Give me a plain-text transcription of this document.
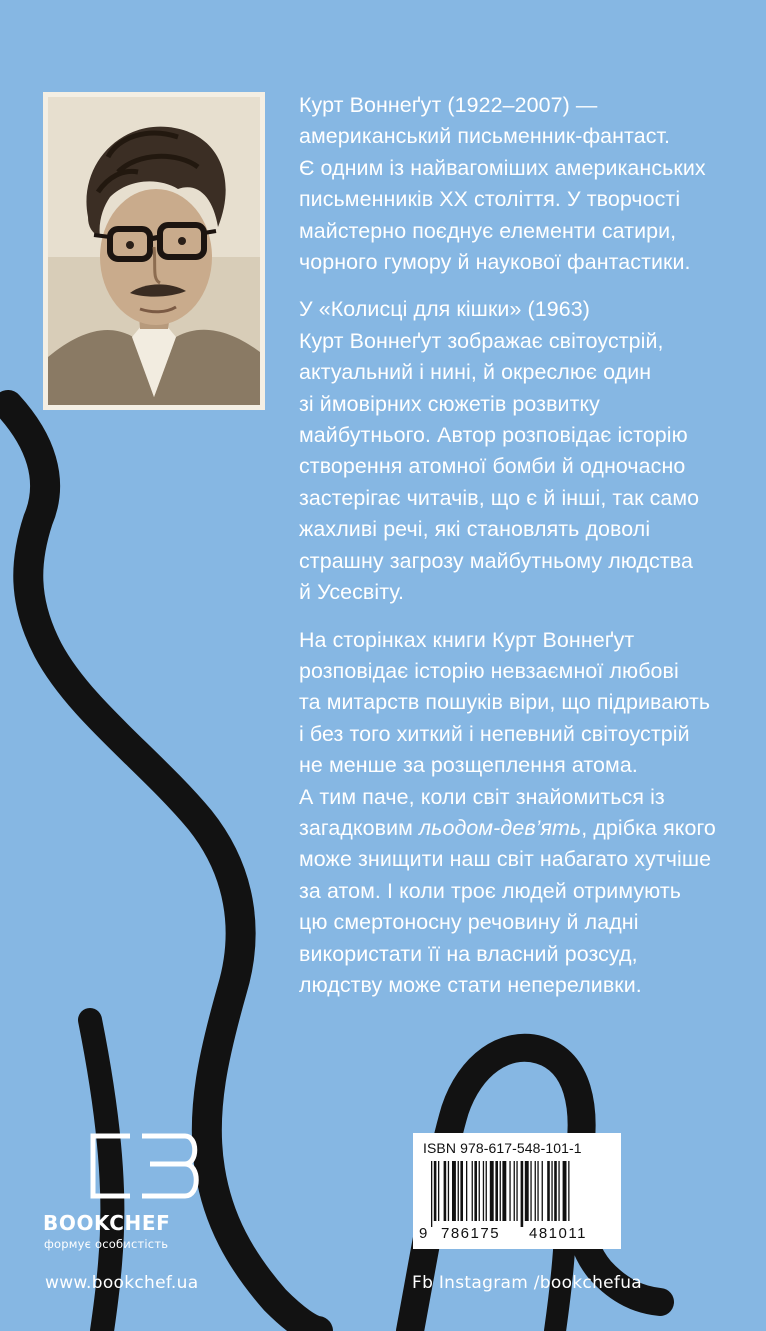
Курт Воннеґут (1922–2007) —
американський письменник-фантаст.
Є одним із найвагоміших американських
письменників XX століття. У творчості
майстерно поєднує елементи сатири,
чорного гумору й наукової фантастики.

У «Колисці для кішки» (1963)
Курт Воннеґут зображає світоустрій,
актуальний і нині, й окреслює один
зі ймовірних сюжетів розвитку
майбутнього. Автор розповідає історію
створення атомної бомби й одночасно
застерігає читачів, що є й інші, так само
жахливі речі, які становлять доволі
страшну загрозу майбутньому людства
й Усесвіту.

На сторінках книги Курт Воннеґут
розповідає історію невзаємної любові
та митарств пошуків віри, що підривають
і без того хиткий і непевний світоустрій
не менше за розщеплення атома.
А тим паче, коли світ знайомиться із
загадковим льодом-дев’ять, дрібка якого
може знищити наш світ набагато хутчіше
за атом. І коли троє людей отримують
цю смертоносну речовину й ладні
використати її на власний розсуд,
людству може стати непереливки.

BOOKCHEF
формує особистість
www.bookchef.ua	Fb Instagram /bookchefua
ISBN 978-617-548-101-1
9 786175 481011
